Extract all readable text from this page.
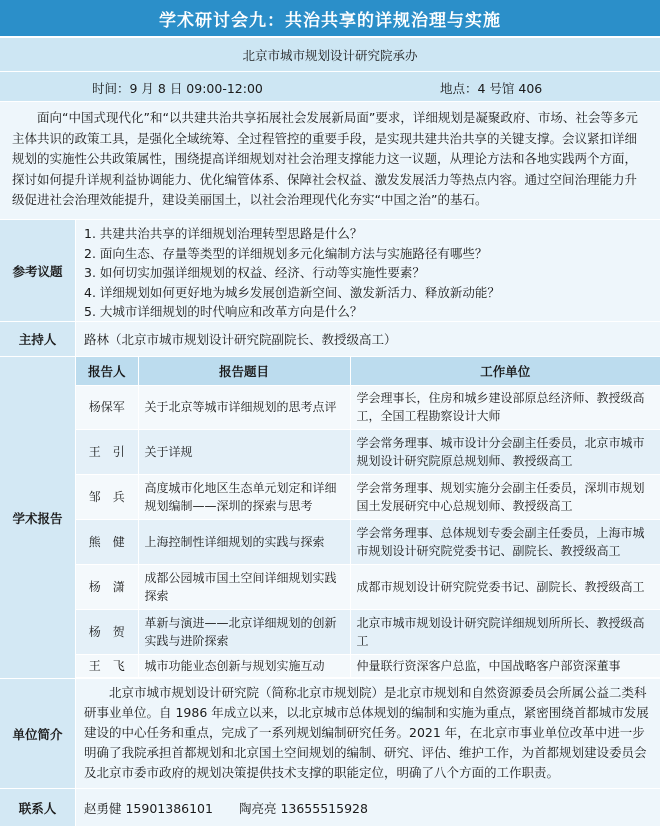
学术研讨会九：共治共享的详规治理与实施
北京市城市规划设计研究院承办
时间：9 月 8 日 09:00-12:00	地点：4 号馆 406
面向“中国式现代化”和“以共建共治共享拓展社会发展新局面”要求，详细规划是凝聚政府、市场、社会等多元主体共识的政策工具，是强化全域统筹、全过程管控的重要手段，是实现共建共治共享的关键支撑。会议紧扣详细规划的实施性公共政策属性，围绕提高详细规划对社会治理支撑能力这一议题，从理论方法和各地实践两个方面，探讨如何提升详规利益协调能力、优化编管体系、保障社会权益、激发发展活力等热点内容。通过空间治理能力升级促进社会治理效能提升，建设美丽国土，以社会治理现代化夯实“中国之治”的基石。
参考议题
1. 共建共治共享的详细规划治理转型思路是什么？
2. 面向生态、存量等类型的详细规划多元化编制方法与实施路径有哪些？
3. 如何切实加强详细规划的权益、经济、行动等实施性要素？
4. 详细规划如何更好地为城乡发展创造新空间、激发新活力、释放新动能？
5. 大城市详细规划的时代响应和改革方向是什么？
主持人	路林（北京市城市规划设计研究院副院长、教授级高工）
学术报告
报告人	报告题目	工作单位
杨保军	关于北京等城市详细规划的思考点评	学会理事长，住房和城乡建设部原总经济师、教授级高工，全国工程勘察设计大师
王　引	关于详规	学会常务理事、城市设计分会副主任委员，北京市城市规划设计研究院原总规划师、教授级高工
邹　兵	高度城市化地区生态单元划定和详细规划编制——深圳的探索与思考	学会常务理事、规划实施分会副主任委员，深圳市规划国土发展研究中心总规划师、教授级高工
熊　健	上海控制性详细规划的实践与探索	学会常务理事、总体规划专委会副主任委员，上海市城市规划设计研究院党委书记、副院长、教授级高工
杨　潇	成都公园城市国土空间详细规划实践探索	成都市规划设计研究院党委书记、副院长、教授级高工
杨　贺	革新与演进——北京详细规划的创新实践与进阶探索	北京市城市规划设计研究院详细规划所所长、教授级高工
王　飞	城市功能业态创新与规划实施互动	仲量联行资深客户总监，中国战略客户部资深董事
单位简介
北京市城市规划设计研究院（简称北京市规划院）是北京市规划和自然资源委员会所属公益二类科研事业单位。自 1986 年成立以来，以北京城市总体规划的编制和实施为重点，紧密围绕首都城市发展建设的中心任务和重点，完成了一系列规划编制研究任务。2021 年，在北京市事业单位改革中进一步明确了我院承担首都规划和北京国土空间规划的编制、研究、评估、维护工作，为首都规划建设委员会及北京市委市政府的规划决策提供技术支撑的职能定位，明确了八个方面的工作职责。
联系人	赵勇健 15901386101 陶亮亮 13655515928
